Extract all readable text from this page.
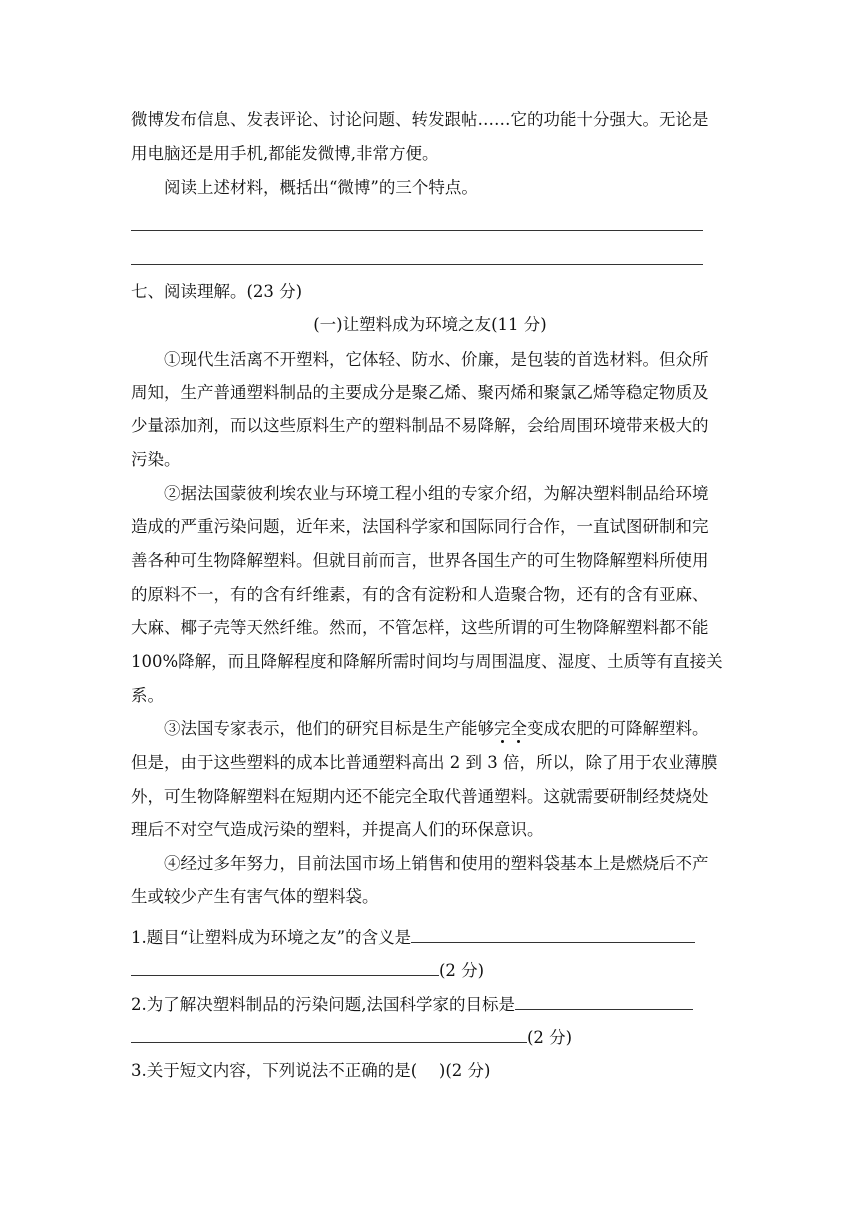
微博发布信息、发表评论、讨论问题、转发跟帖……它的功能十分强大。无论是
用电脑还是用手机,都能发微博,非常方便。
阅读上述材料，概括出“微博”的三个特点。
七、阅读理解。(23 分)
(一)让塑料成为环境之友(11 分)
①现代生活离不开塑料，它体轻、防水、价廉，是包装的首选材料。但众所
周知，生产普通塑料制品的主要成分是聚乙烯、聚丙烯和聚氯乙烯等稳定物质及
少量添加剂，而以这些原料生产的塑料制品不易降解，会给周围环境带来极大的
污染。
②据法国蒙彼利埃农业与环境工程小组的专家介绍，为解决塑料制品给环境
造成的严重污染问题，近年来，法国科学家和国际同行合作，一直试图研制和完
善各种可生物降解塑料。但就目前而言，世界各国生产的可生物降解塑料所使用
的原料不一，有的含有纤维素，有的含有淀粉和人造聚合物，还有的含有亚麻、
大麻、椰子壳等天然纤维。然而，不管怎样，这些所谓的可生物降解塑料都不能
100%降解，而且降解程度和降解所需时间均与周围温度、湿度、土质等有直接关
系。
③法国专家表示，他们的研究目标是生产能够完全变成农肥的可降解塑料。
但是，由于这些塑料的成本比普通塑料高出 2 到 3 倍，所以，除了用于农业薄膜
外，可生物降解塑料在短期内还不能完全取代普通塑料。这就需要研制经焚烧处
理后不对空气造成污染的塑料，并提高人们的环保意识。
④经过多年努力，目前法国市场上销售和使用的塑料袋基本上是燃烧后不产
生或较少产生有害气体的塑料袋。
1.题目“让塑料成为环境之友”的含义是
(2 分)
2.为了解决塑料制品的污染问题,法国科学家的目标是
(2 分)
3.关于短文内容，下列说法不正确的是(　 )(2 分)
